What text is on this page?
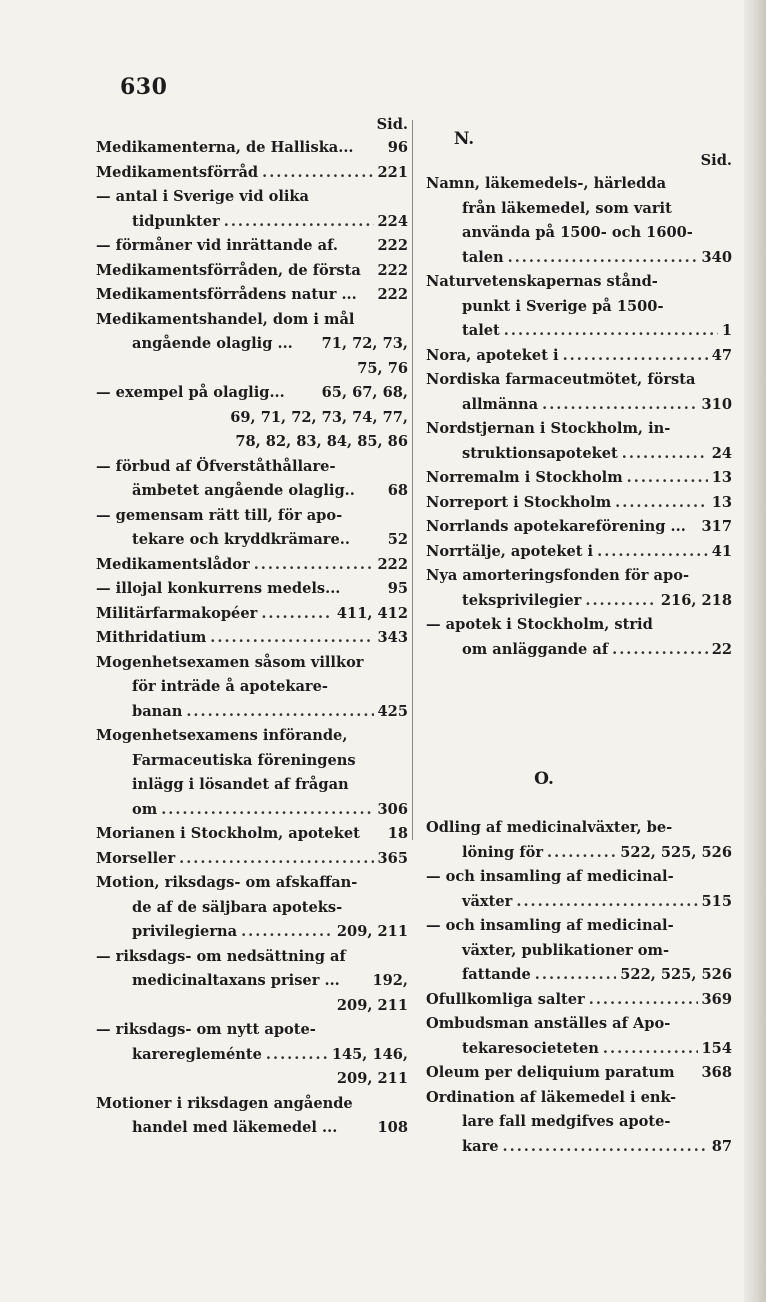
630
Sid.
Medikamenterna, de Halliska... 96
Medikamentsförråd .....	221
— antal i Sverige vid olika
tidpunkter .....	224
— förmåner vid inrättande af.	222
Medikamentsförråden, de första 222
Medikamentsförrådens natur ... 222
Medikamentshandel, dom i mål
angående olaglig ... 71, 72, 73,
75, 76
— exempel på olaglig...	65, 67, 68,
69, 71, 72, 73, 74, 77,
78, 82, 83, 84, 85, 86
— förbud af Öfverståthållare-
ämbetet angående olaglig.. 68
— gemensam rätt till, för apo-
tekare och kryddkrämare..	52
Medikamentslådor .....	222
— illojal konkurrens medels...	95
Militärfarmakopéer .....	411, 412
Mithridatium .....	343
Mogenhetsexamen såsom villkor
för inträde å apotekare-
banan .....	425
Mogenhetsexamens införande,
Farmaceutiska föreningens
inlägg i lösandet af frågan
om .....	306
Morianen i Stockholm, apoteket 18
Morseller .....	365
Motion, riksdags- om afskaffan-
de af de säljbara apoteks-
privilegierna .....	209, 211
— riksdags- om nedsättning af
medicinaltaxans priser ... 192,
209, 211
— riksdags- om nytt apote-
kareregleménte .....	145, 146,
209, 211
Motioner i riksdagen angående
handel med läkemedel ...	108
N.
Sid.
Namn, läkemedels-, härledda
från läkemedel, som varit
använda på 1500- och 1600-
talen .....	340
Naturvetenskapernas stånd-
punkt i Sverige på 1500-
talet .....	1
Nora, apoteket i .....	47
Nordiska farmaceutmötet, första
allmänna .....	310
Nordstjernan i Stockholm, in-
struktionsapoteket .....	24
Norremalm i Stockholm .....	13
Norreport i Stockholm .....	13
Norrlands apotekareförening ... 317
Norrtälje, apoteket i .....	41
Nya amorteringsfonden för apo-
teksprivilegier .....	216, 218
— apotek i Stockholm, strid
om anläggande af .....	22
O.
Odling af medicinalväxter, be-
löning för .....	522, 525, 526
— och insamling af medicinal-
växter .....	515
— och insamling af medicinal-
växter, publikationer om-
fattande .....	522, 525, 526
Ofullkomliga salter .....	369
Ombudsman anställes af Apo-
tekaresocieteten .....	154
Oleum per deliquium paratum 368
Ordination af läkemedel i enk-
lare fall medgifves apote-
kare .....	87
